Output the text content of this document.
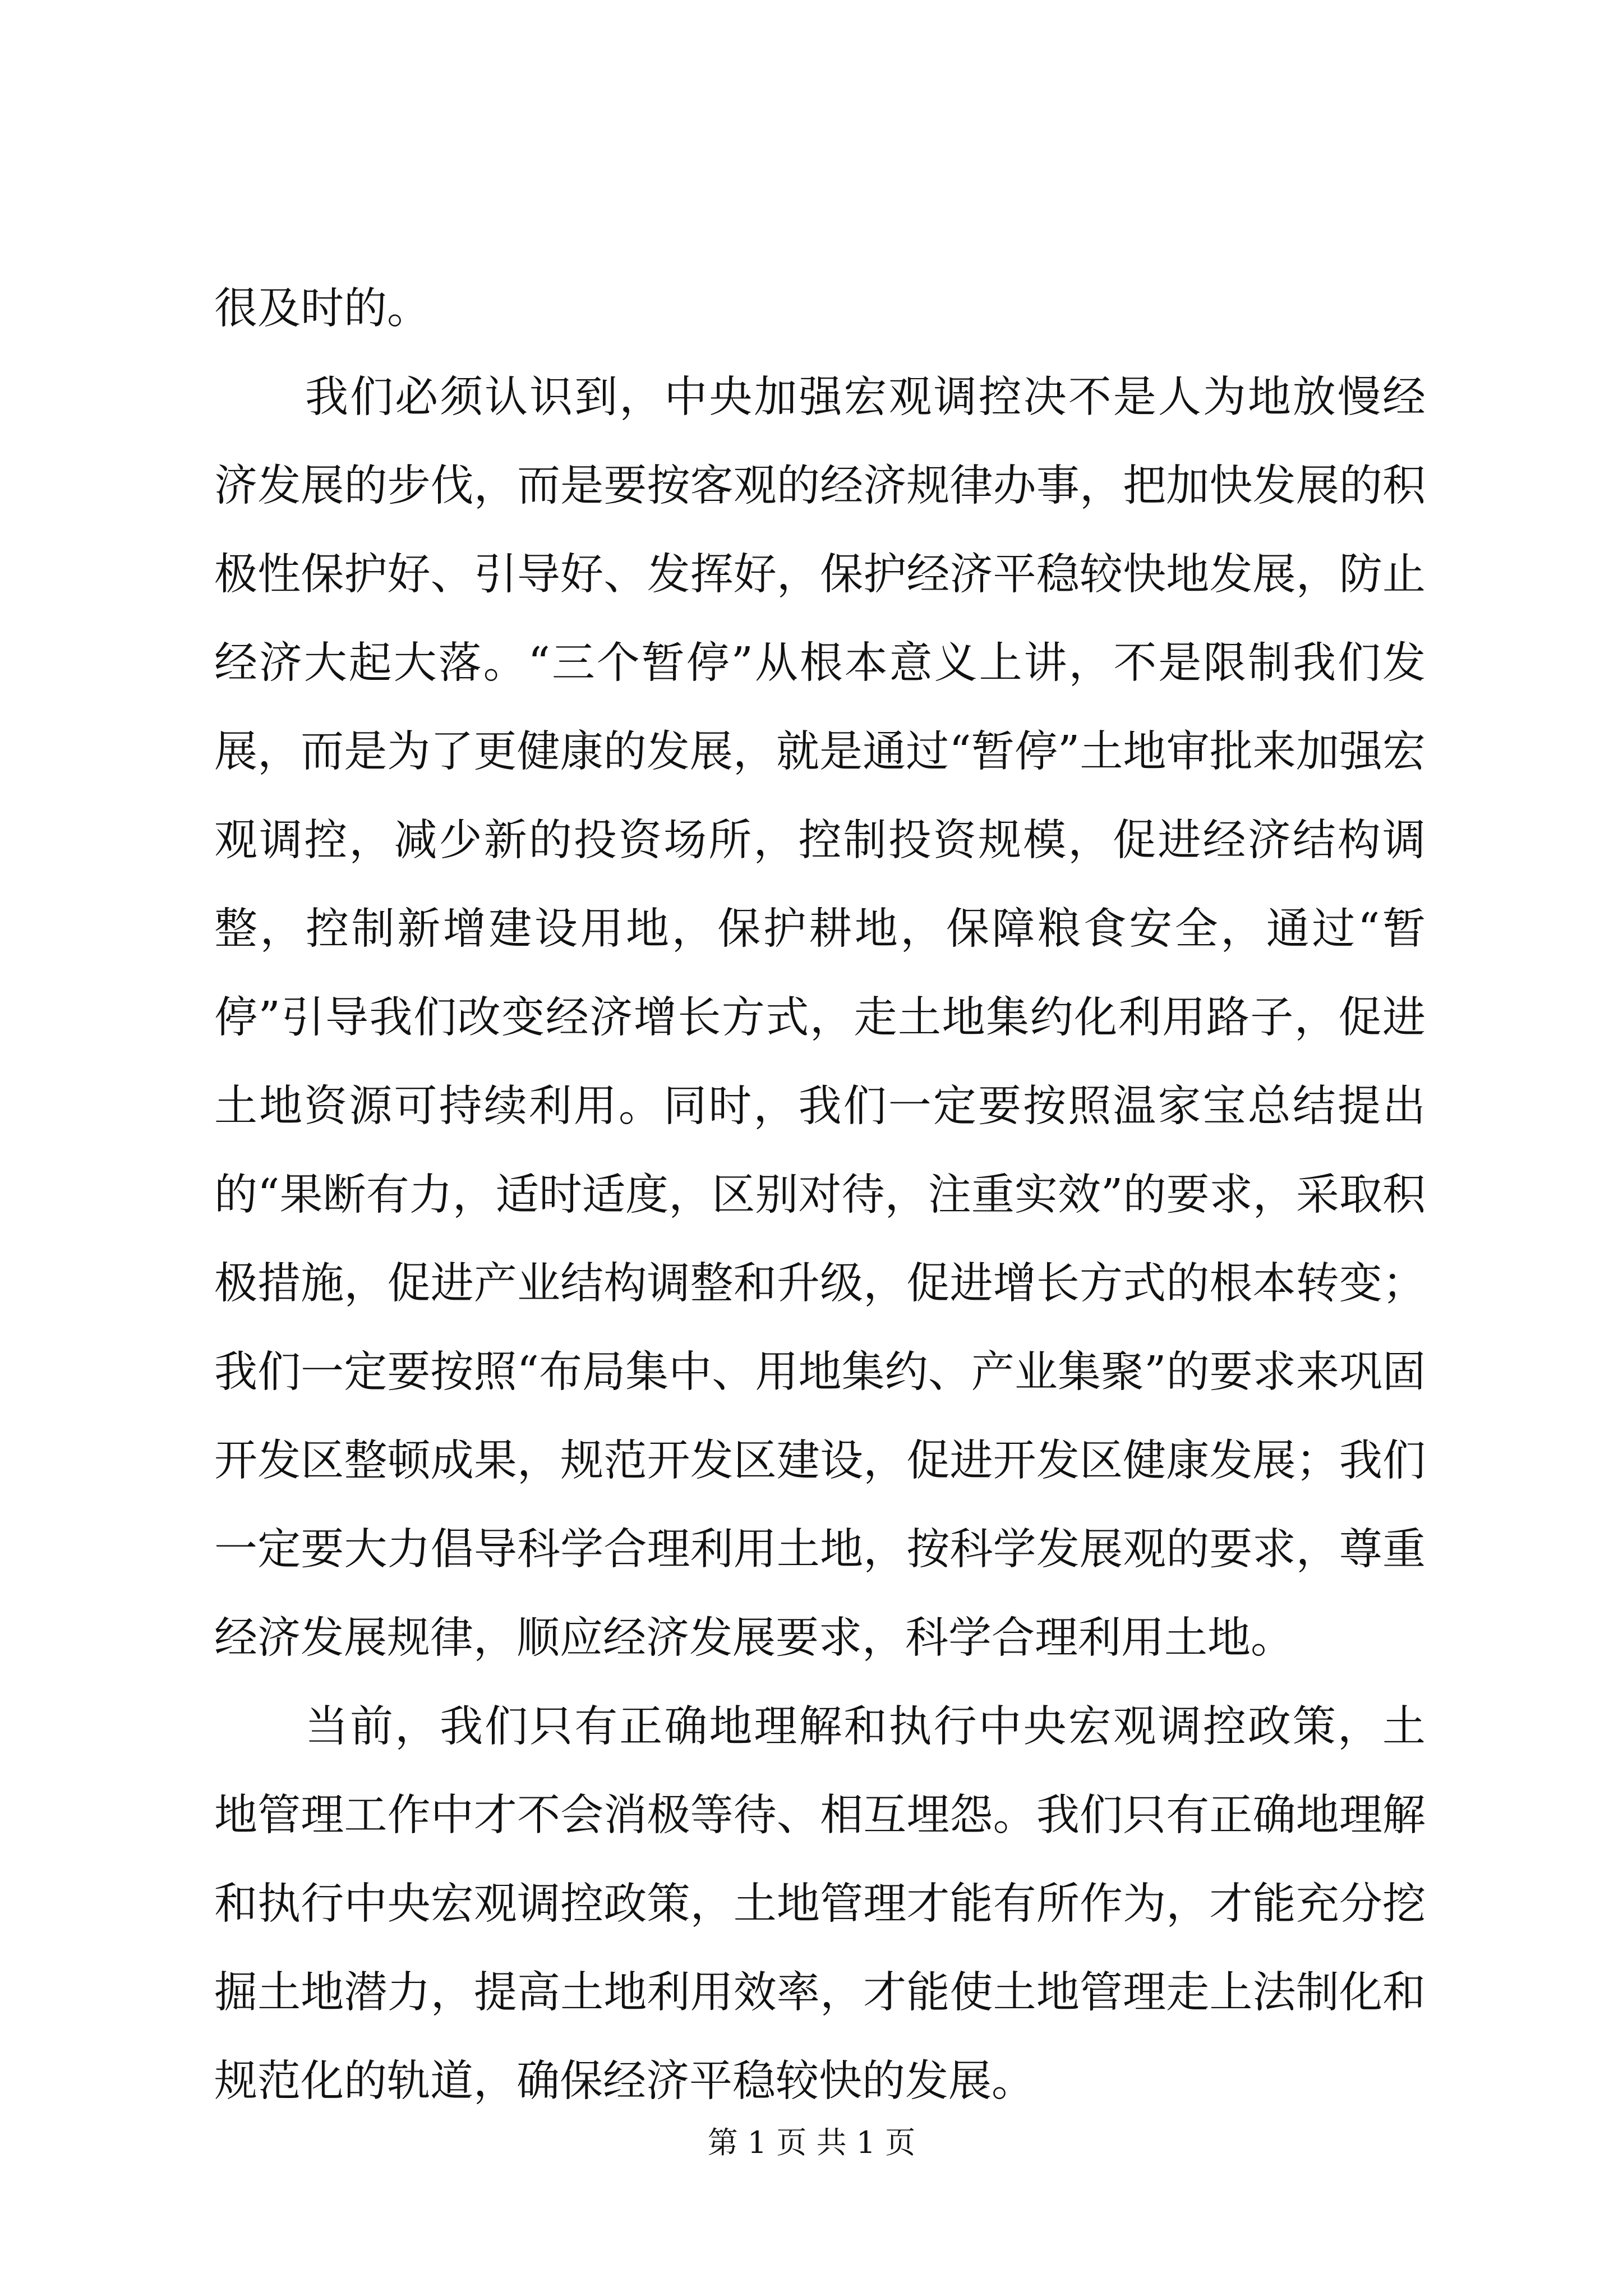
很及时的。

我们必须认识到，中央加强宏观调控决不是人为地放慢经济发展的步伐，而是要按客观的经济规律办事，把加快发展的积极性保护好、引导好、发挥好，保护经济平稳较快地发展，防止经济大起大落。“三个暂停”从根本意义上讲，不是限制我们发展，而是为了更健康的发展，就是通过“暂停”土地审批来加强宏观调控，减少新的投资场所，控制投资规模，促进经济结构调整，控制新增建设用地，保护耕地，保障粮食安全，通过“暂停”引导我们改变经济增长方式，走土地集约化利用路子，促进土地资源可持续利用。同时，我们一定要按照温家宝总结提出的“果断有力，适时适度，区别对待，注重实效”的要求，采取积极措施，促进产业结构调整和升级，促进增长方式的根本转变；我们一定要按照“布局集中、用地集约、产业集聚”的要求来巩固开发区整顿成果，规范开发区建设，促进开发区健康发展；我们一定要大力倡导科学合理利用土地，按科学发展观的要求，尊重经济发展规律，顺应经济发展要求，科学合理利用土地。

当前，我们只有正确地理解和执行中央宏观调控政策，土地管理工作中才不会消极等待、相互埋怨。我们只有正确地理解和执行中央宏观调控政策，土地管理才能有所作为，才能充分挖掘土地潜力，提高土地利用效率，才能使土地管理走上法制化和规范化的轨道，确保经济平稳较快的发展。

第 1 页 共 1 页
